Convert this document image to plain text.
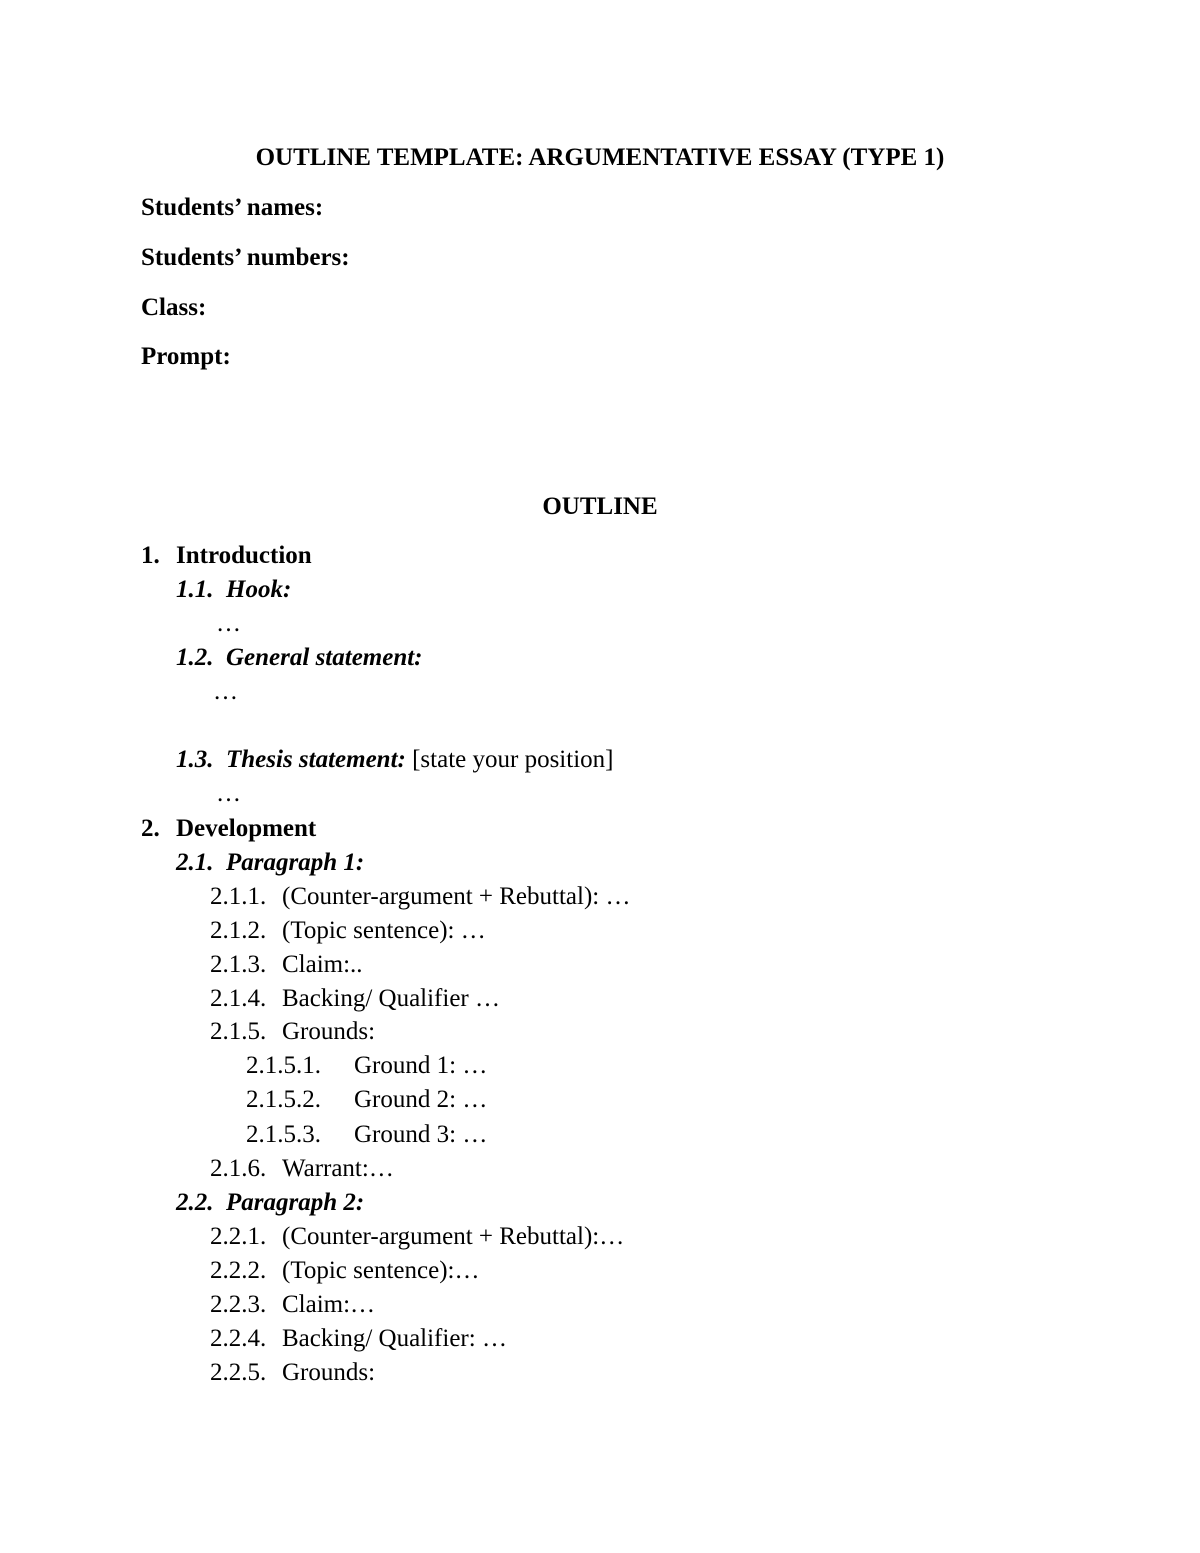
OUTLINE TEMPLATE: ARGUMENTATIVE ESSAY (TYPE 1)
Students’ names:
Students’ numbers:
Class:
Prompt:
OUTLINE
1. Introduction
1.1. Hook:
…
1.2. General statement:
…
1.3. Thesis statement: [state your position]
…
2. Development
2.1. Paragraph 1:
2.1.1. (Counter-argument + Rebuttal): …
2.1.2. (Topic sentence): …
2.1.3. Claim:..
2.1.4. Backing/ Qualifier …
2.1.5. Grounds:
2.1.5.1. Ground 1: …
2.1.5.2. Ground 2: …
2.1.5.3. Ground 3: …
2.1.6. Warrant:…
2.2. Paragraph 2:
2.2.1. (Counter-argument + Rebuttal):…
2.2.2. (Topic sentence):…
2.2.3. Claim:…
2.2.4. Backing/ Qualifier: …
2.2.5. Grounds:
